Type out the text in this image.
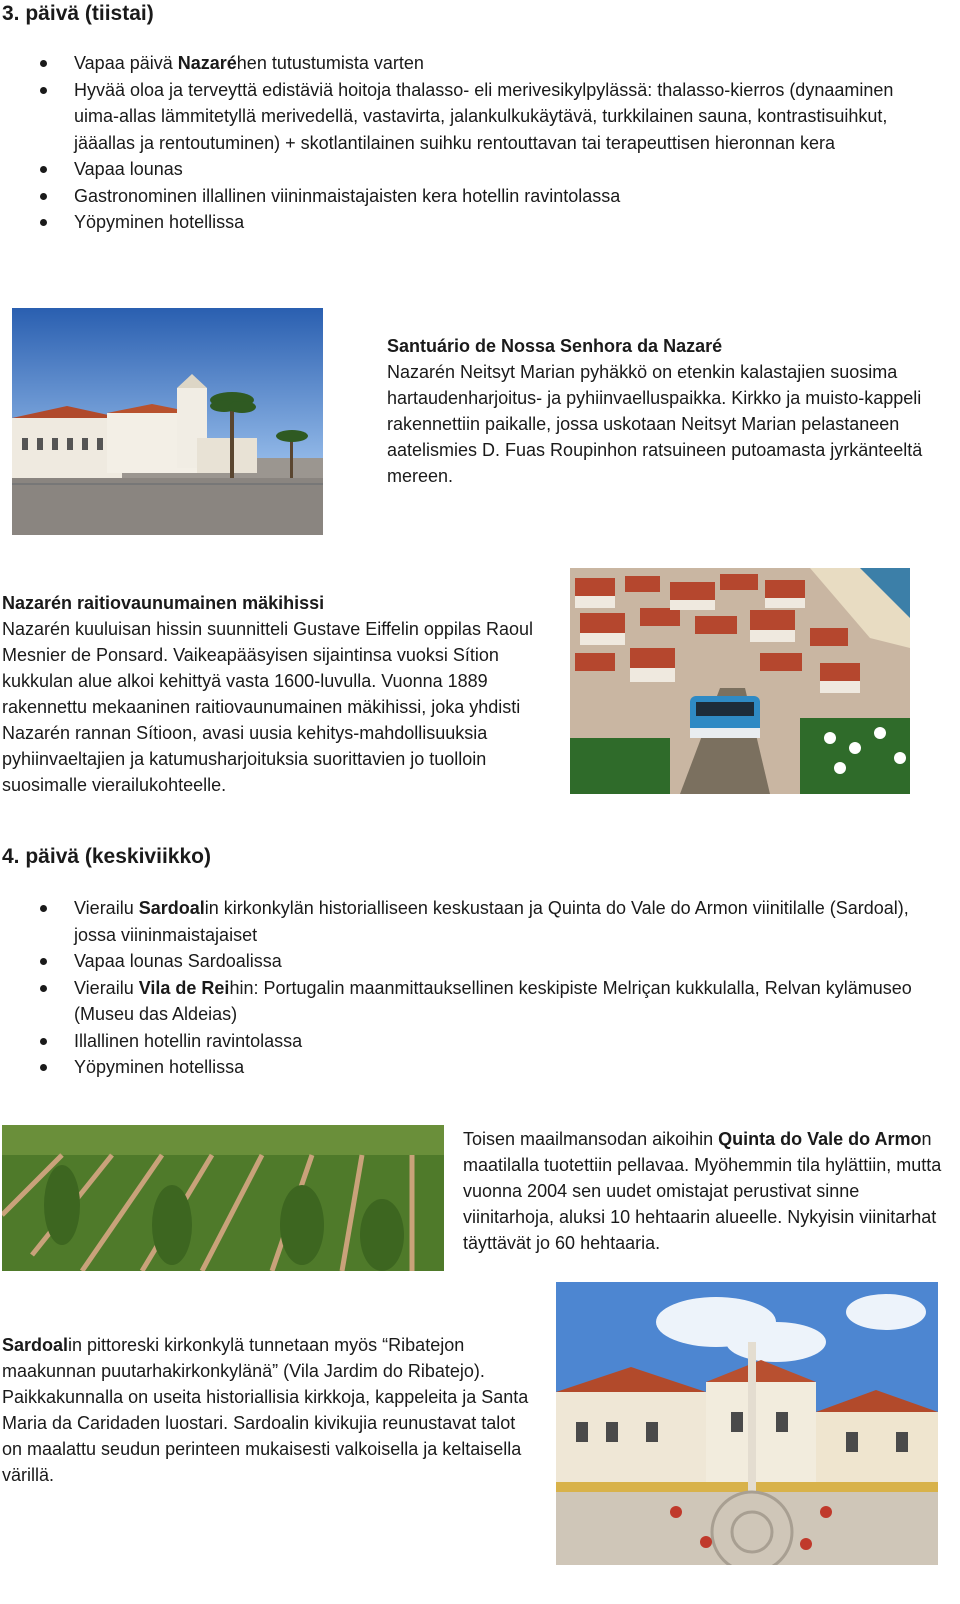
3. päivä (tiistai)
Vapaa päivä Nazaréhen tutustumista varten
Hyvää oloa ja terveyttä edistäviä hoitoja thalasso- eli merivesikylpylässä: thalasso-kierros (dynaaminen uima-allas lämmitetyllä merivedellä, vastavirta, jalankulkukäytävä, turkkilainen sauna, kontrastisuihkut, jääallas ja rentoutuminen) + skotlantilainen suihku rentouttavan tai terapeuttisen hieronnan kera
Vapaa lounas
Gastronominen illallinen viininmaistajaisten kera hotellin ravintolassa
Yöpyminen hotellissa
Santuário de Nossa Senhora da Nazaré
Nazarén Neitsyt Marian pyhäkkö on etenkin kalastajien suosima hartaudenharjoitus- ja pyhiinvaelluspaikka. Kirkko ja muisto-kappeli rakennettiin paikalle, jossa uskotaan Neitsyt Marian pelastaneen aatelismies D. Fuas Roupinhon ratsuineen putoamasta jyrkänteeltä mereen.
Nazarén raitiovaunumainen mäkihissi
Nazarén kuuluisan hissin suunnitteli Gustave Eiffelin oppilas Raoul Mesnier de Ponsard. Vaikeapääsyisen sijaintinsa vuoksi Sítion kukkulan alue alkoi kehittyä vasta 1600-luvulla. Vuonna 1889 rakennettu mekaaninen raitiovaunumainen mäkihissi, joka yhdisti Nazarén rannan Sítioon, avasi uusia kehitys-mahdollisuuksia pyhiinvaeltajien ja katumusharjoituksia suorittavien jo tuolloin suosimalle vierailukohteelle.
4. päivä (keskiviikko)
Vierailu Sardoalin kirkonkylän historialliseen keskustaan ja Quinta do Vale do Armon viinitilalle (Sardoal), jossa viininmaistajaiset
Vapaa lounas Sardoalissa
Vierailu Vila de Reihin: Portugalin maanmittauksellinen keskipiste Melriçan kukkulalla, Relvan kylämuseo (Museu das Aldeias)
Illallinen hotellin ravintolassa
Yöpyminen hotellissa
Toisen maailmansodan aikoihin Quinta do Vale do Armon maatilalla tuotettiin pellavaa. Myöhemmin tila hylättiin, mutta vuonna 2004 sen uudet omistajat perustivat sinne viinitarhoja, aluksi 10 hehtaarin alueelle. Nykyisin viinitarhat täyttävät jo 60 hehtaaria.
Sardoalin pittoreski kirkonkylä tunnetaan myös “Ribatejon maakunnan puutarhakirkonkylänä” (Vila Jardim do Ribatejo). Paikkakunnalla on useita historiallisia kirkkoja, kappeleita ja Santa Maria da Caridaden luostari. Sardoalin kivikujia reunustavat talot on maalattu seudun perinteen mukaisesti valkoisella ja keltaisella värillä.
